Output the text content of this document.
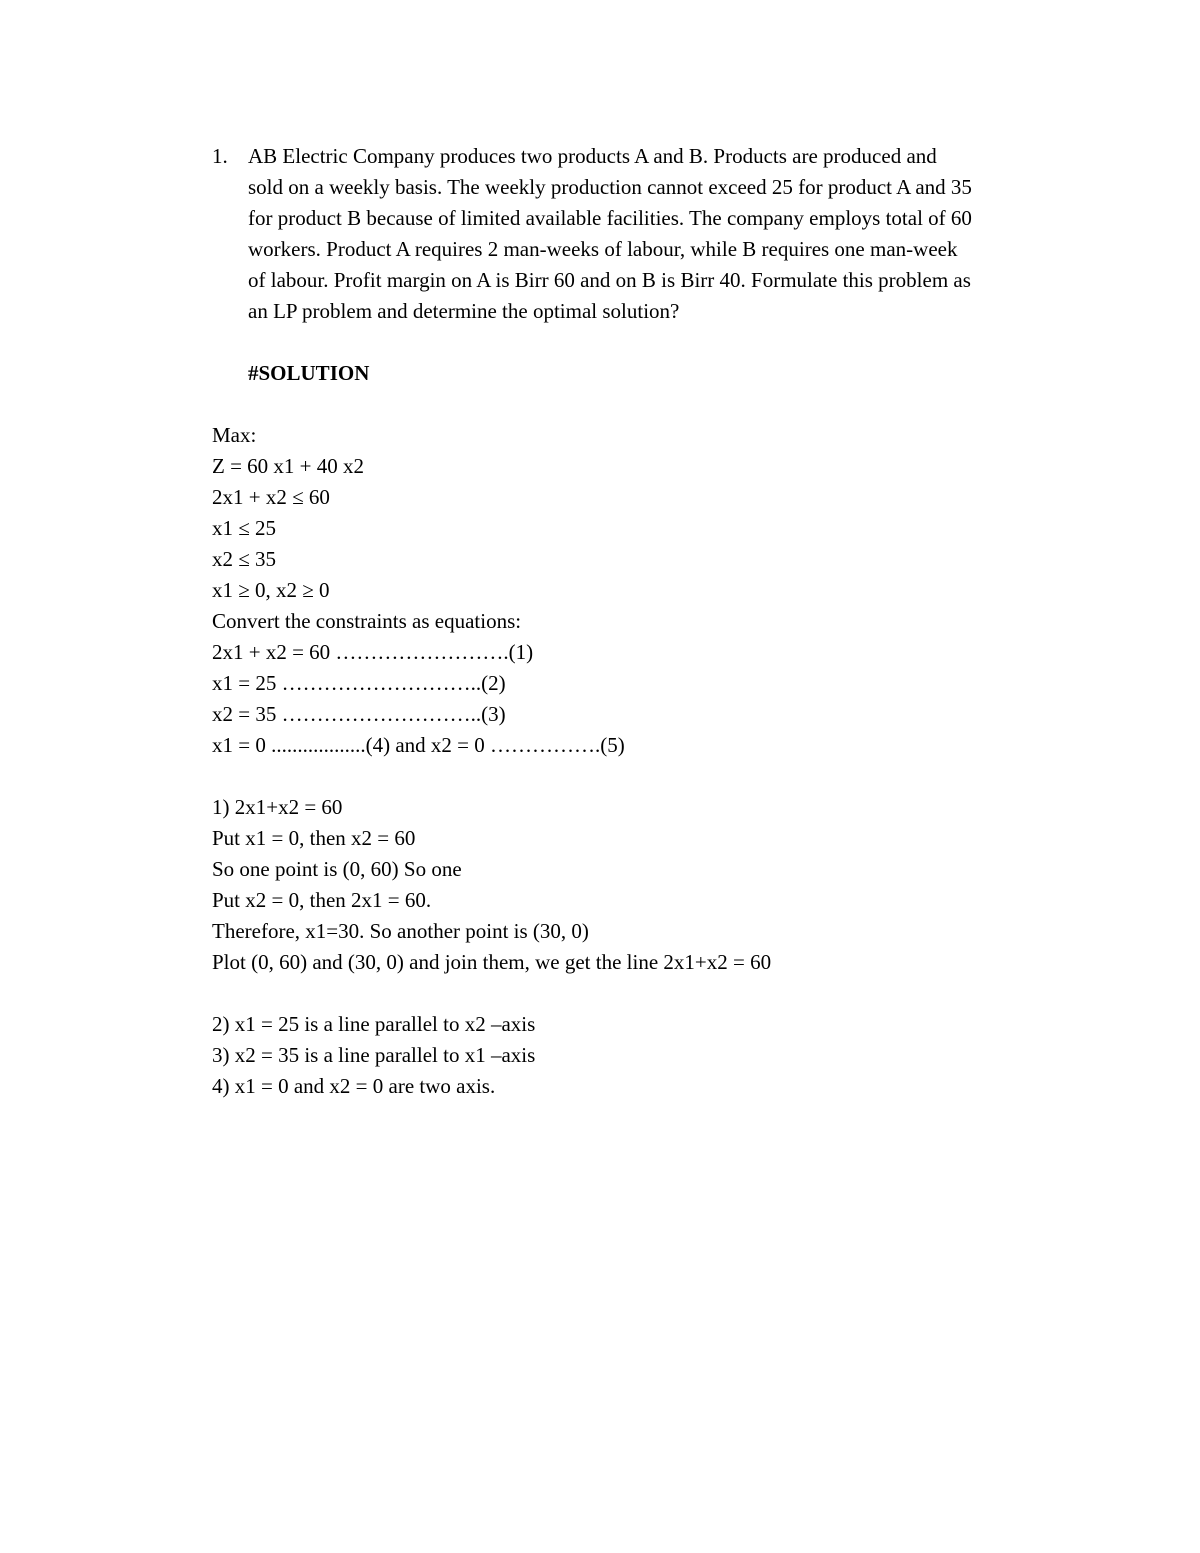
1. AB Electric Company produces two products A and B. Products are produced and
sold on a weekly basis. The weekly production cannot exceed 25 for product A and 35
for product B because of limited available facilities. The company employs total of 60
workers. Product A requires 2 man-weeks of labour, while B requires one man-week
of labour. Profit margin on A is Birr 60 and on B is Birr 40. Formulate this problem as
an LP problem and determine the optimal solution?
#SOLUTION
Max:
Z = 60 x1 + 40 x2
2x1 + x2 ≤ 60
x1 ≤ 25
x2 ≤ 35
x1 ≥ 0, x2 ≥ 0
Convert the constraints as equations:
2x1 + x2 = 60 …………………….(1)
x1 = 25 ………………………..(2)
x2 = 35 ………………………..(3)
x1 = 0 ..................(4) and x2 = 0 …………….(5)
1) 2x1+x2 = 60
Put x1 = 0, then x2 = 60
So one point is (0, 60) So one
Put x2 = 0, then 2x1 = 60.
Therefore, x1=30. So another point is (30, 0)
Plot (0, 60) and (30, 0) and join them, we get the line 2x1+x2 = 60
2) x1 = 25 is a line parallel to x2 –axis
3) x2 = 35 is a line parallel to x1 –axis
4) x1 = 0 and x2 = 0 are two axis.
